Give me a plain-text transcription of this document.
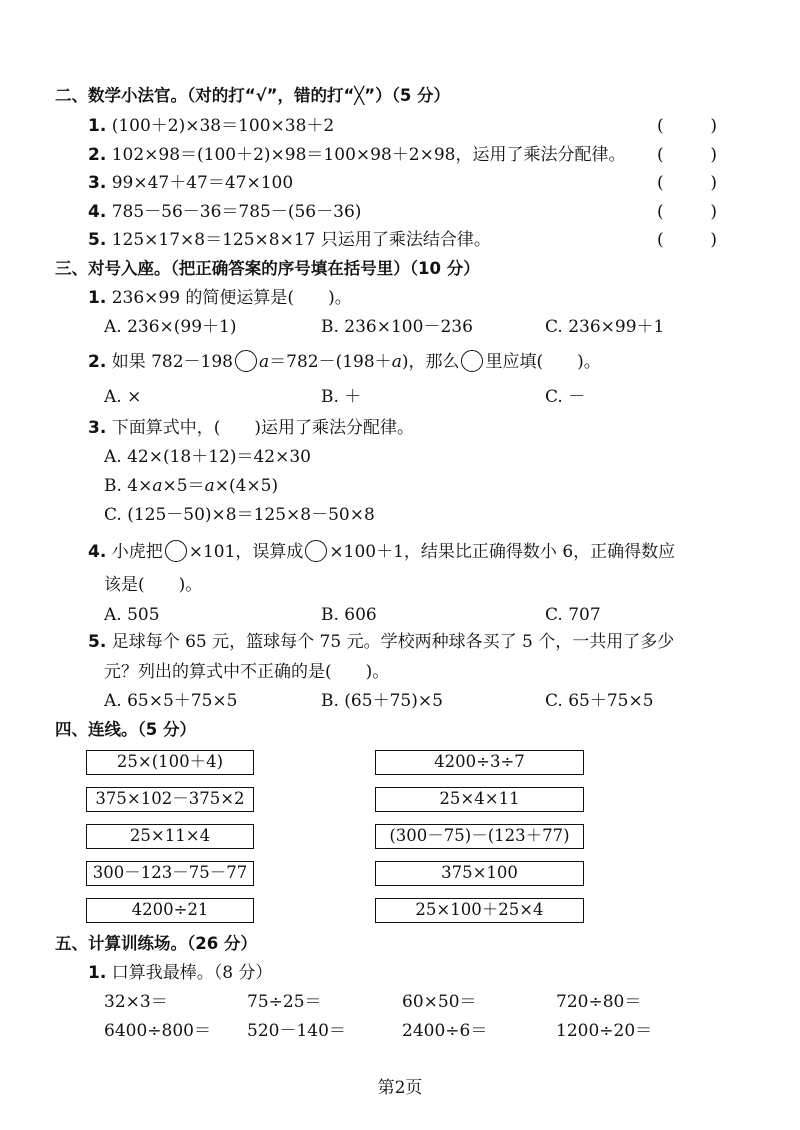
二、数学小法官。（对的打“√”，错的打“╳”）（5 分）
1. (100＋2)×38＝100×38＋2	(	)
2. 102×98＝(100＋2)×98＝100×98＋2×98，运用了乘法分配律。 (	)
3. 99×47＋47＝47×100	(	)
4. 785－56－36＝785－(56－36)	(	)
5. 125×17×8＝125×8×17 只运用了乘法结合律。	(	)
三、对号入座。（把正确答案的序号填在括号里）（10 分）
1. 236×99 的简便运算是(　　)。
A. 236×(99＋1)	B. 236×100－236	C. 236×99＋1
2. 如果 782－198 a＝782－(198＋a)，那么 里应填(　　)。
A. ×	B. ＋	C. －
3. 下面算式中，(　　)运用了乘法分配律。
A. 42×(18＋12)＝42×30
B. 4×a×5＝a×(4×5)
C. (125－50)×8＝125×8－50×8
4. 小虎把 ×101，误算成 ×100＋1，结果比正确得数小 6，正确得数应
该是(　　)。
A. 505	B. 606	C. 707
5. 足球每个 65 元，篮球每个 75 元。学校两种球各买了 5 个，一共用了多少
元？列出的算式中不正确的是(　　)。
A. 65×5＋75×5	B. (65＋75)×5	C. 65＋75×5
四、连线。（5 分）
25×(100＋4)
375×102－375×2
25×11×4
300－123－75－77
4200÷21
4200÷3÷7
25×4×11
(300－75)－(123＋77)
375×100
25×100＋25×4
五、计算训练场。（26 分）
1. 口算我最棒。（8 分）
32×3＝	75÷25＝	60×50＝	720÷80＝
6400÷800＝ 520－140＝	2400÷6＝	1200÷20＝
第2页
